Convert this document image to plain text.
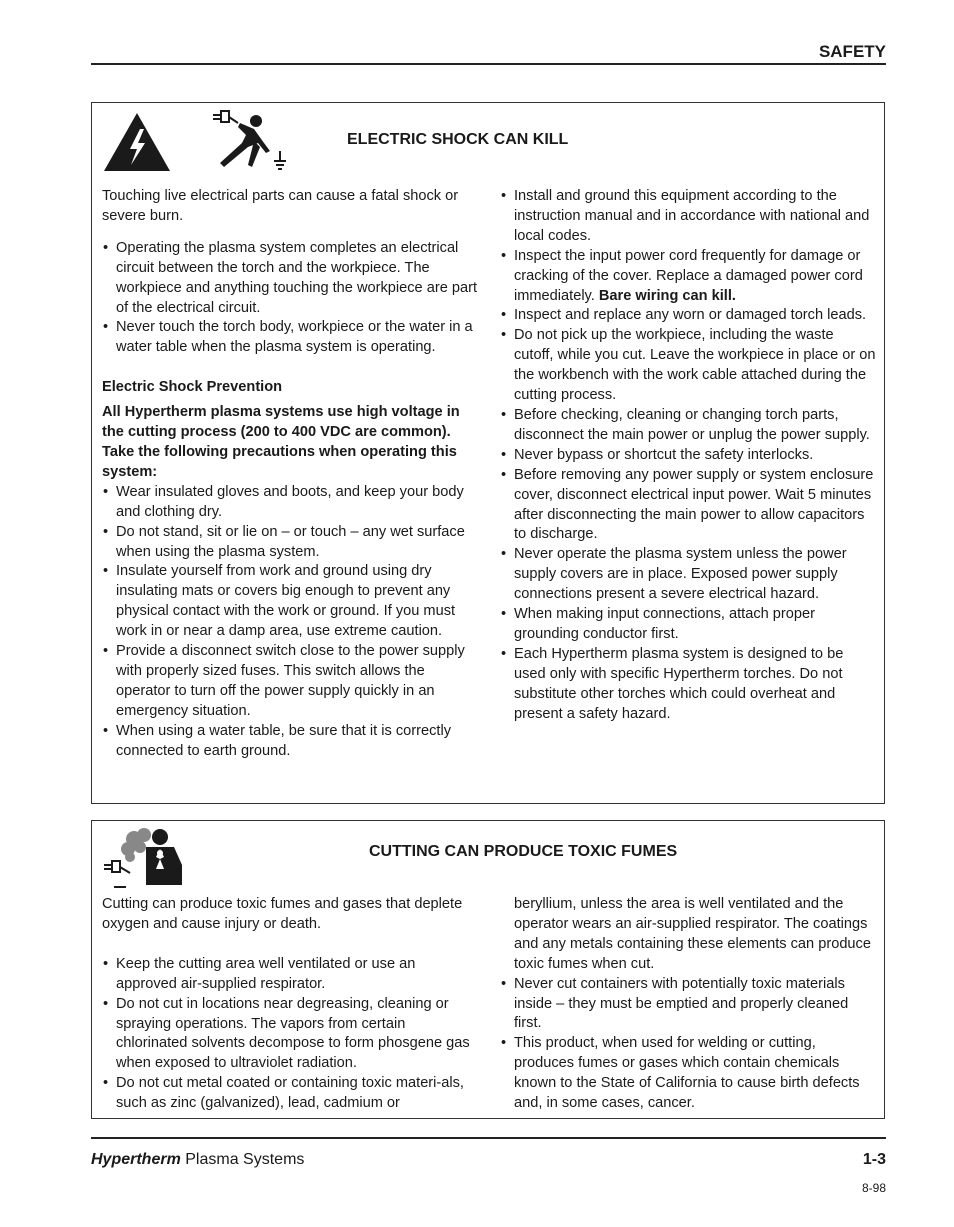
SAFETY
ELECTRIC SHOCK CAN KILL

Touching live electrical parts can cause a fatal shock or severe burn.

• Operating the plasma system completes an electrical circuit between the torch and the workpiece. The workpiece and anything touching the workpiece are part of the electrical circuit.
• Never touch the torch body, workpiece or the water in a water table when the plasma system is operating.

Electric Shock Prevention

All Hypertherm plasma systems use high voltage in the cutting process (200 to 400 VDC are common). Take the following precautions when operating this system:

• Wear insulated gloves and boots, and keep your body and clothing dry.
• Do not stand, sit or lie on – or touch – any wet surface when using the plasma system.
• Insulate yourself from work and ground using dry insulating mats or covers big enough to prevent any physical contact with the work or ground. If you must work in or near a damp area, use extreme caution.
• Provide a disconnect switch close to the power supply with properly sized fuses. This switch allows the operator to turn off the power supply quickly in an emergency situation.
• When using a water table, be sure that it is correctly connected to earth ground.
• Install and ground this equipment according to the instruction manual and in accordance with national and local codes.
• Inspect the input power cord frequently for damage or cracking of the cover. Replace a damaged power cord immediately. Bare wiring can kill.
• Inspect and replace any worn or damaged torch leads.
• Do not pick up the workpiece, including the waste cutoff, while you cut. Leave the workpiece in place or on the workbench with the work cable attached during the cutting process.
• Before checking, cleaning or changing torch parts, disconnect the main power or unplug the power supply.
• Never bypass or shortcut the safety interlocks.
• Before removing any power supply or system enclosure cover, disconnect electrical input power. Wait 5 minutes after disconnecting the main power to allow capacitors to discharge.
• Never operate the plasma system unless the power supply covers are in place. Exposed power supply connections present a severe electrical hazard.
• When making input connections, attach proper grounding conductor first.
• Each Hypertherm plasma system is designed to be used only with specific Hypertherm torches. Do not substitute other torches which could overheat and present a safety hazard.
CUTTING CAN PRODUCE TOXIC FUMES

Cutting can produce toxic fumes and gases that deplete oxygen and cause injury or death.

• Keep the cutting area well ventilated or use an approved air-supplied respirator.
• Do not cut in locations near degreasing, cleaning or spraying operations. The vapors from certain chlorinated solvents decompose to form phosgene gas when exposed to ultraviolet radiation.
• Do not cut metal coated or containing toxic materi-als, such as zinc (galvanized), lead, cadmium or

beryllium, unless the area is well ventilated and the operator wears an air-supplied respirator. The coatings and any metals containing these elements can produce toxic fumes when cut.

• Never cut containers with potentially toxic materials inside – they must be emptied and properly cleaned first.
• This product, when used for welding or cutting, produces fumes or gases which contain chemicals known to the State of California to cause birth defects and, in some cases, cancer.
Hypertherm Plasma Systems	1-3
8-98
